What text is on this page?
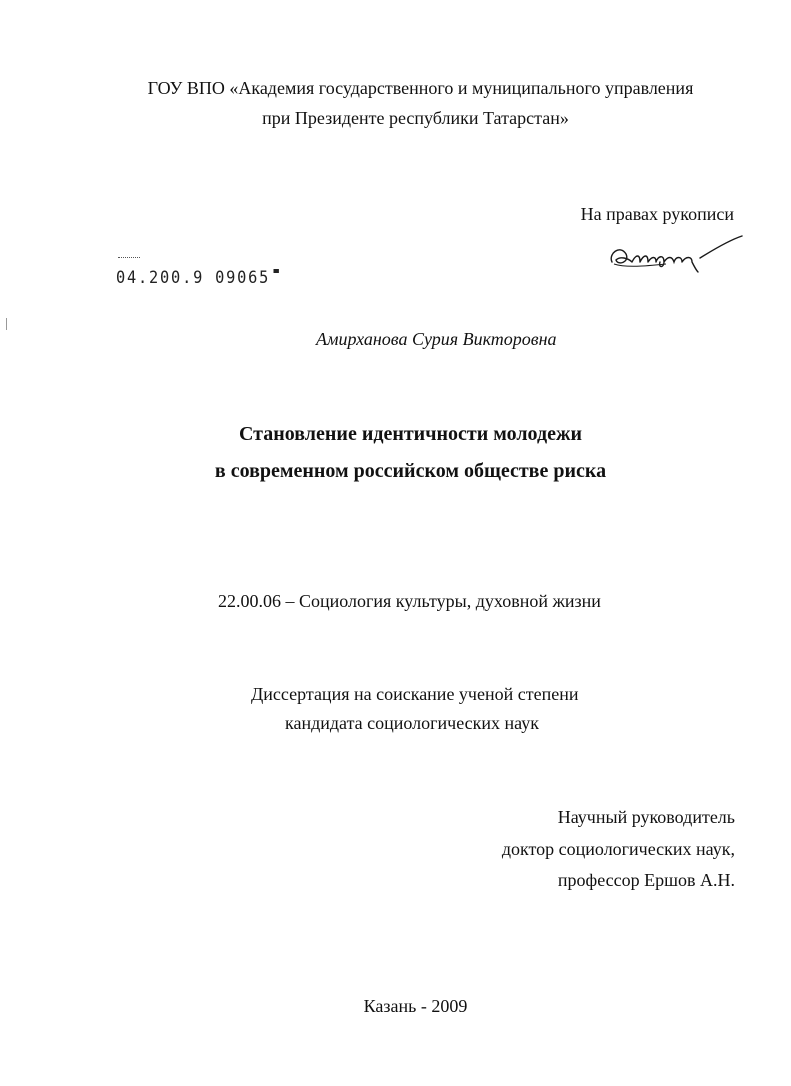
ГОУ ВПО «Академия государственного и муниципального управления
при Президенте республики Татарстан»
На правах рукописи
04.200.9 09065
Амирханова Сурия Викторовна
Становление идентичности молодежи
в современном российском обществе риска
22.00.06 – Социология культуры, духовной жизни
Диссертация на соискание ученой степени
кандидата социологических наук
Научный руководитель
доктор социологических наук,
профессор Ершов А.Н.
Казань - 2009
